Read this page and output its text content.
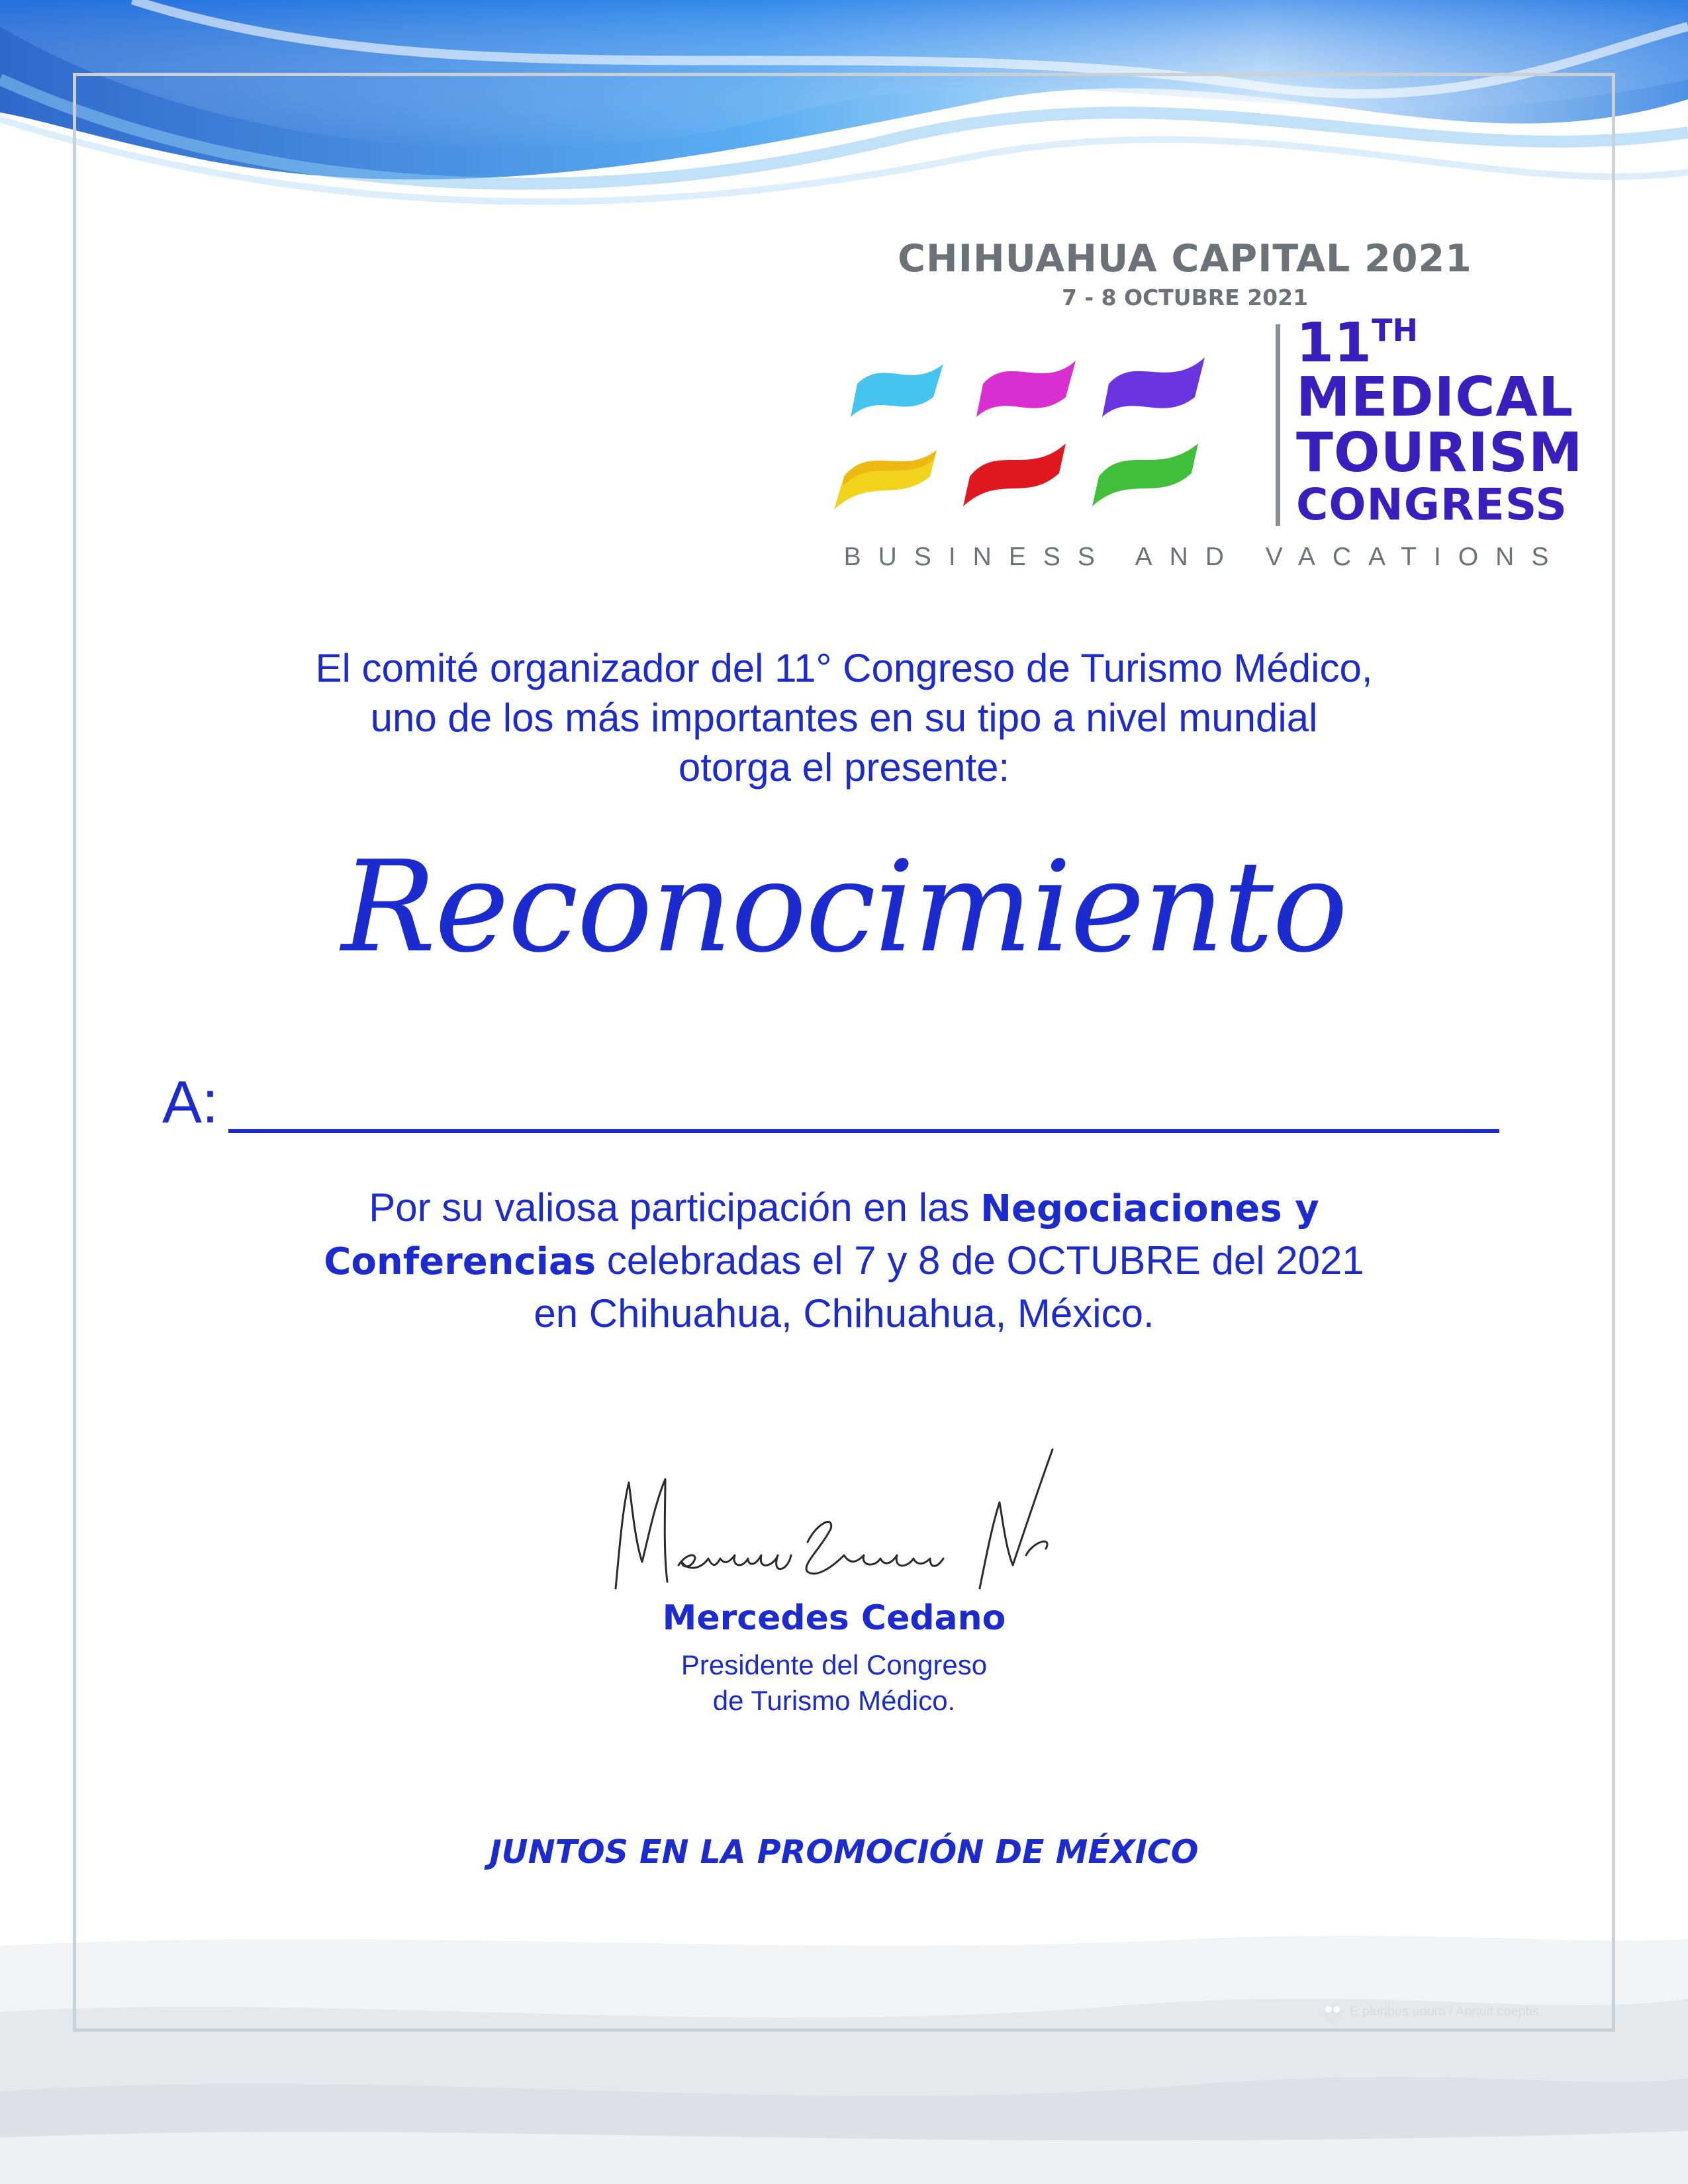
CHIHUAHUA CAPITAL 2021
7 - 8 OCTUBRE 2021
11TH
MEDICAL
TOURISM
CONGRESS
BUSINESS AND VACATIONS
El comité organizador del 11° Congreso de Turismo Médico,
uno de los más importantes en su tipo a nivel mundial
otorga el presente:
Reconocimiento
A:
Por su valiosa participación en las Negociaciones y
Conferencias celebradas el 7 y 8 de OCTUBRE del 2021
en Chihuahua, Chihuahua, México.
Mercedes Cedano
Presidente del Congreso
de Turismo Médico.
JUNTOS EN LA PROMOCIÓN DE MÉXICO
E pluribus unum / Annuit coeptis
